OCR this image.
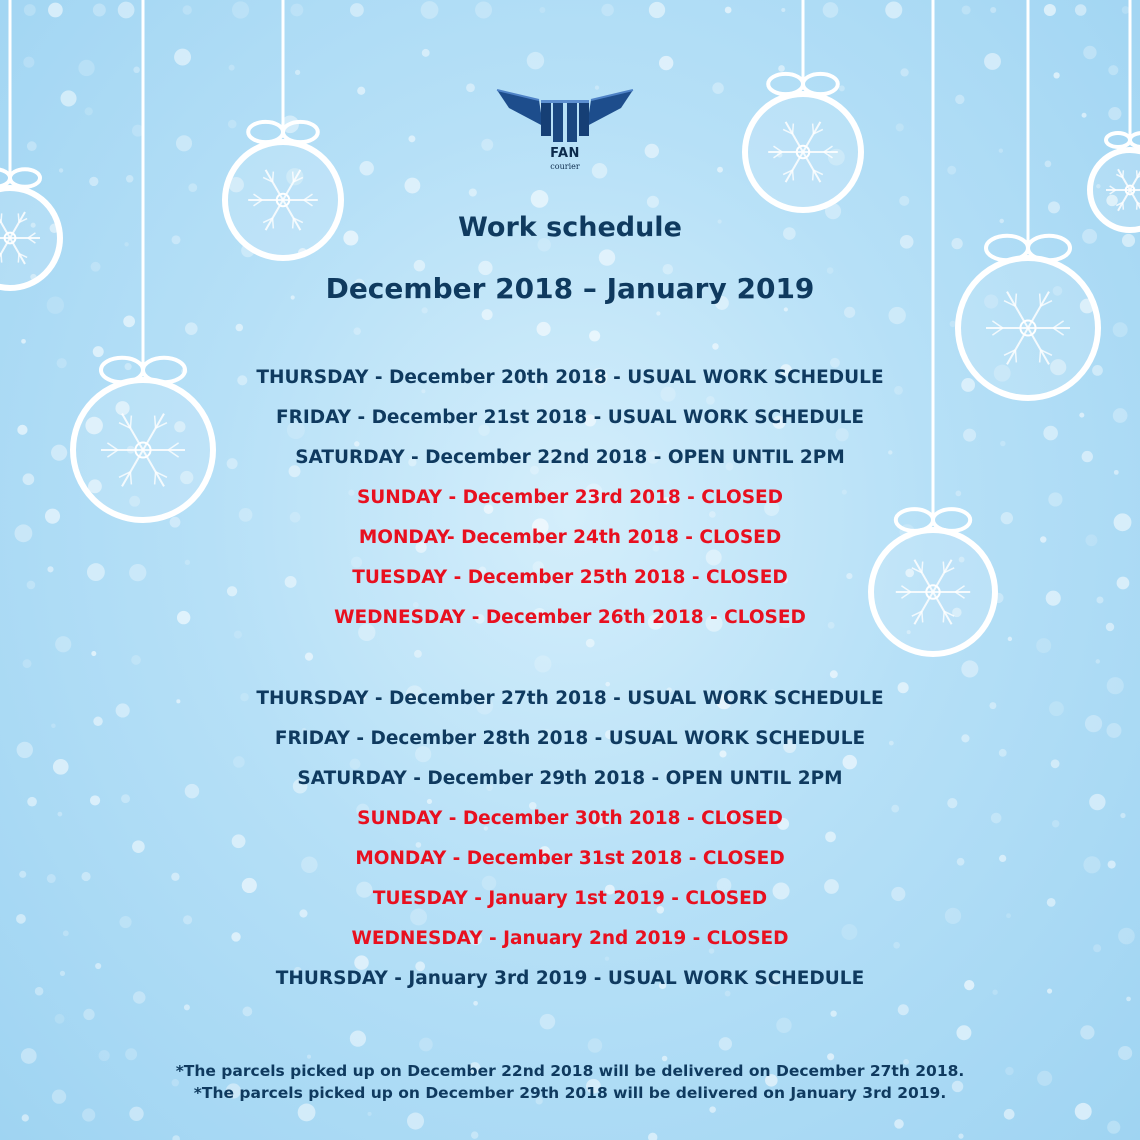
FAN
courier
Work schedule
December 2018 – January 2019
THURSDAY - December 20th 2018 - USUAL WORK SCHEDULE
FRIDAY - December 21st 2018 - USUAL WORK SCHEDULE
SATURDAY - December 22nd 2018 - OPEN UNTIL 2PM
SUNDAY - December 23rd 2018 - CLOSED
MONDAY- December 24th 2018 - CLOSED
TUESDAY - December 25th 2018 - CLOSED
WEDNESDAY - December 26th 2018 - CLOSED
THURSDAY - December 27th 2018 - USUAL WORK SCHEDULE
FRIDAY - December 28th 2018 - USUAL WORK SCHEDULE
SATURDAY - December 29th 2018 - OPEN UNTIL 2PM
SUNDAY - December 30th 2018 - CLOSED
MONDAY - December 31st 2018 - CLOSED
TUESDAY - January 1st 2019 - CLOSED
WEDNESDAY - January 2nd 2019 - CLOSED
THURSDAY - January 3rd 2019 - USUAL WORK SCHEDULE
*The parcels picked up on December 22nd 2018 will be delivered on December 27th 2018.
*The parcels picked up on December 29th 2018 will be delivered on January 3rd 2019.
